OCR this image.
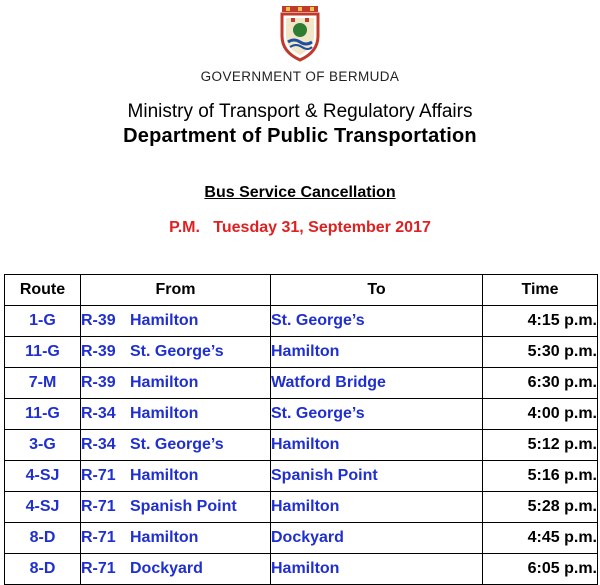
GOVERNMENT OF BERMUDA
Ministry of Transport & Regulatory Affairs
Department of Public Transportation
Bus Service Cancellation
P.M. Tuesday 31, September 2017
Route	From	To	Time
1-G	R-39 Hamilton	St. George’s	4:15 p.m.
11-G	R-39 St. George’s	Hamilton	5:30 p.m.
7-M	R-39 Hamilton	Watford Bridge	6:30 p.m.
11-G	R-34 Hamilton	St. George’s	4:00 p.m.
3-G	R-34 St. George’s	Hamilton	5:12 p.m.
4-SJ	R-71 Hamilton	Spanish Point	5:16 p.m.
4-SJ	R-71 Spanish Point	Hamilton	5:28 p.m.
8-D	R-71 Hamilton	Dockyard	4:45 p.m.
8-D	R-71 Dockyard	Hamilton	6:05 p.m.
